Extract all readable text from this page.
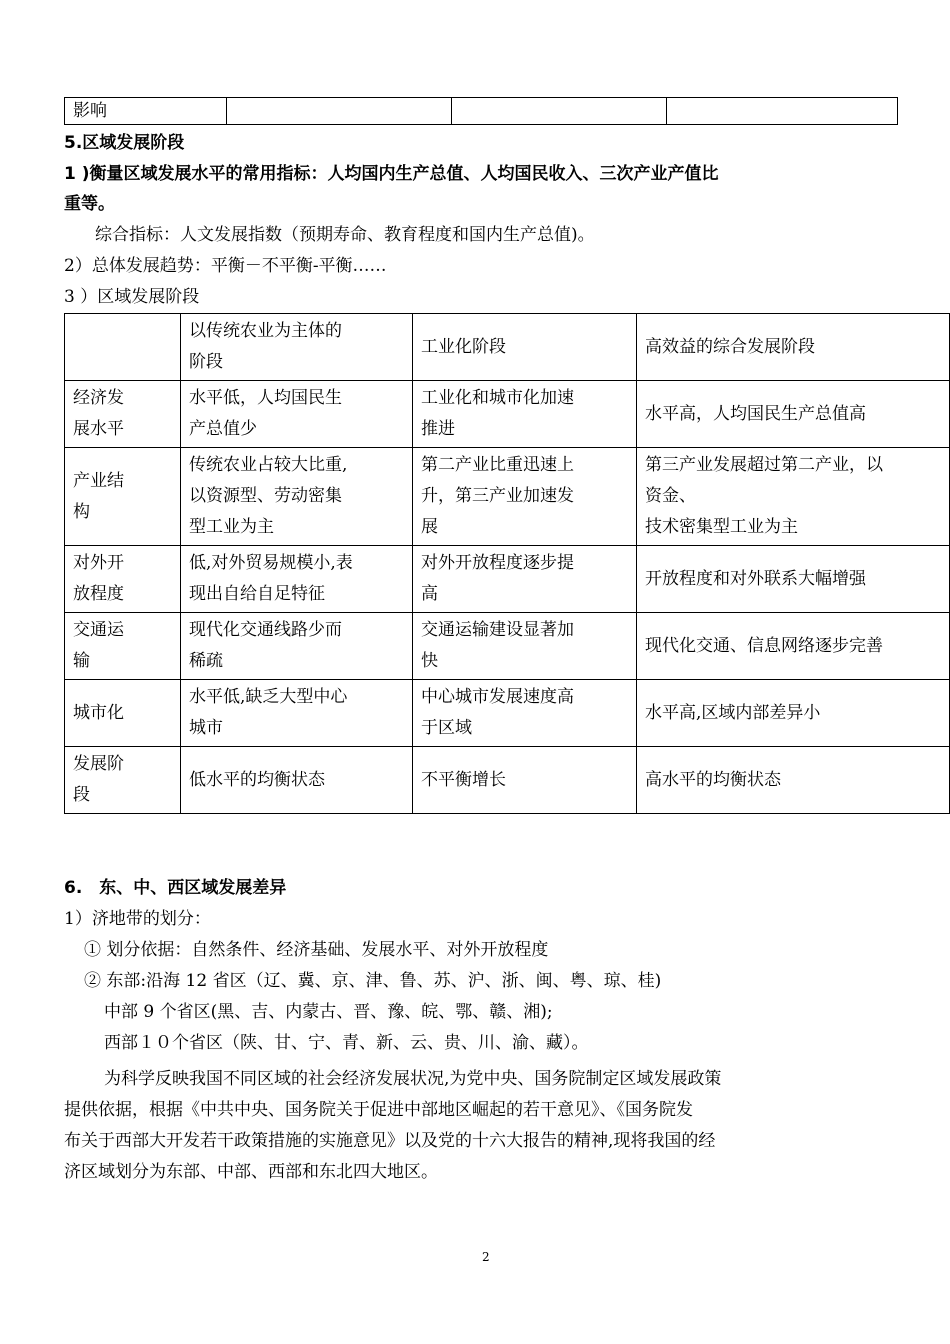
影响			
5.区域发展阶段
1 )衡量区域发展水平的常用指标：人均国内生产总值、人均国民收入、三次产业产值比
重等。
综合指标：人文发展指数（预期寿命、教育程度和国内生产总值)。
2）总体发展趋势：平衡－不平衡-平衡……
3 ）区域发展阶段
	以传统农业为主体的
阶段	工业化阶段	高效益的综合发展阶段
经济发
展水平	水平低，人均国民生
产总值少	工业化和城市化加速
推进	水平高，人均国民生产总值高
产业结
构	传统农业占较大比重,
以资源型、劳动密集
型工业为主	第二产业比重迅速上
升，第三产业加速发
展	第三产业发展超过第二产业，以
资金、
技术密集型工业为主
对外开
放程度	低,对外贸易规模小,表
现出自给自足特征	对外开放程度逐步提
高	开放程度和对外联系大幅增强
交通运
输	现代化交通线路少而
稀疏	交通运输建设显著加
快	现代化交通、信息网络逐步完善
城市化	水平低,缺乏大型中心
城市	中心城市发展速度高
于区域	水平高,区域内部差异小
发展阶
段	低水平的均衡状态	不平衡增长	高水平的均衡状态
6.　东、中、西区域发展差异
1）济地带的划分：
① 划分依据：自然条件、经济基础、发展水平、对外开放程度
② 东部:沿海 12 省区（辽、冀、京、津、鲁、苏、沪、浙、闽、粤、琼、桂)
中部 9 个省区(黑、吉、内蒙古、晋、豫、皖、鄂、赣、湘);
西部１０个省区（陕、甘、宁、青、新、云、贵、川、渝、藏）。
为科学反映我国不同区域的社会经济发展状况,为党中央、国务院制定区域发展政策
提供依据，根据《中共中央、国务院关于促进中部地区崛起的若干意见》、《国务院发
布关于西部大开发若干政策措施的实施意见》以及党的十六大报告的精神,现将我国的经
济区域划分为东部、中部、西部和东北四大地区。
2
